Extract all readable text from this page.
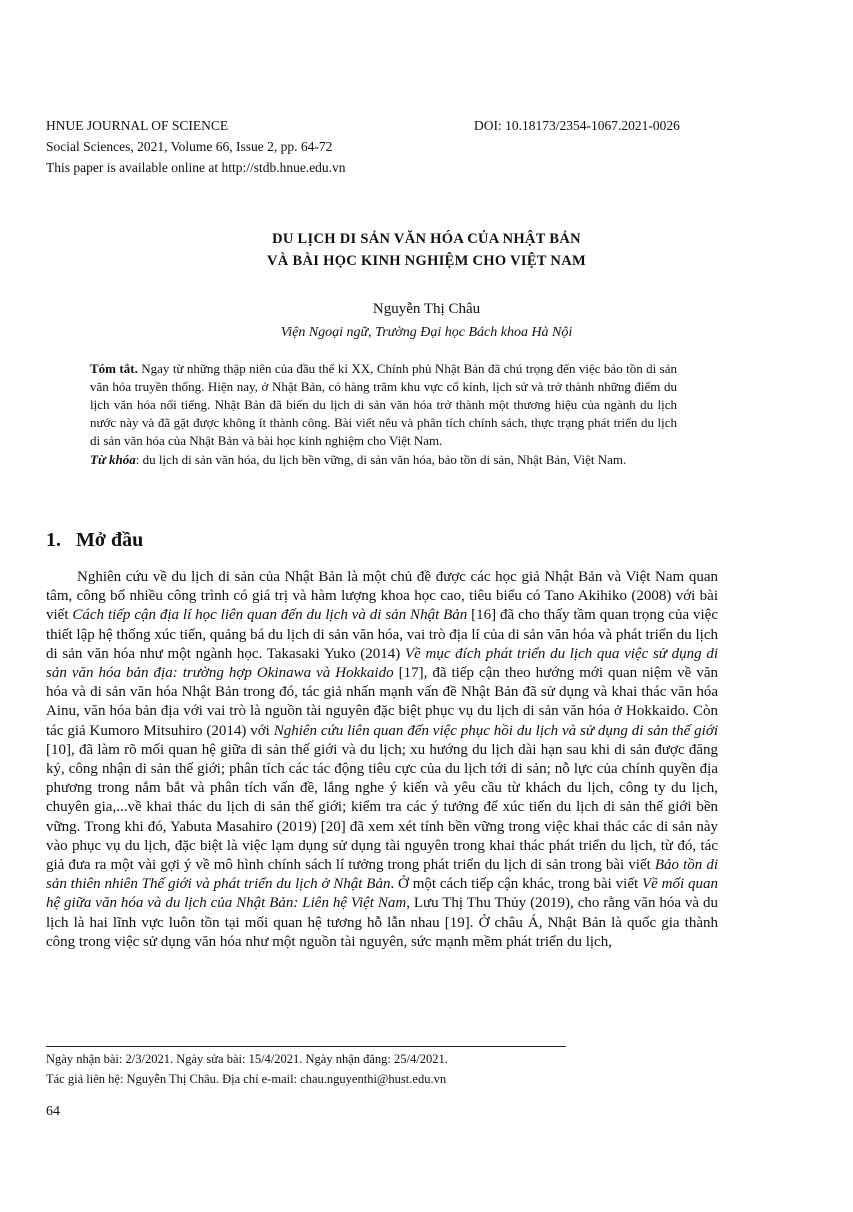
HNUE JOURNAL OF SCIENCE	DOI: 10.18173/2354-1067.2021-0026
Social Sciences, 2021, Volume 66, Issue 2, pp. 64-72
This paper is available online at http://stdb.hnue.edu.vn
DU LỊCH DI SẢN VĂN HÓA CỦA NHẬT BẢN
VÀ BÀI HỌC KINH NGHIỆM CHO VIỆT NAM
Nguyễn Thị Châu
Viện Ngoại ngữ, Trường Đại học Bách khoa Hà Nội

Tóm tắt. Ngay từ những thập niên của đầu thế kỉ XX, Chính phủ Nhật Bản đã chú trọng đến việc bảo tồn di sản văn hóa truyền thống. Hiện nay, ở Nhật Bản, có hàng trăm khu vực cổ kính, lịch sử và trở thành những điểm du lịch văn hóa nổi tiếng. Nhật Bản đã biến du lịch di sản văn hóa trở thành một thương hiệu của ngành du lịch nước này và đã gặt được không ít thành công. Bài viết nêu và phân tích chính sách, thực trạng phát triển du lịch di sản văn hóa của Nhật Bản và bài học kinh nghiệm cho Việt Nam.

Từ khóa: du lịch di sản văn hóa, du lịch bền vững, di sản văn hóa, bảo tồn di sản, Nhật Bản, Việt Nam.

1. Mở đầu

Nghiên cứu về du lịch di sản của Nhật Bản là một chủ đề được các học giả Nhật Bản và Việt Nam quan tâm, công bố nhiều công trình có giá trị và hàm lượng khoa học cao, tiêu biểu có Tano Akihiko (2008) với bài viết Cách tiếp cận địa lí học liên quan đến du lịch và di sản Nhật Bản [16] đã cho thấy tầm quan trọng của việc thiết lập hệ thống xúc tiến, quảng bá du lịch di sản văn hóa, vai trò địa lí của di sản văn hóa và phát triển du lịch di sản văn hóa như một ngành học. Takasaki Yuko (2014) Về mục đích phát triển du lịch qua việc sử dụng di sản văn hóa bản địa: trường hợp Okinawa và Hokkaido [17], đã tiếp cận theo hướng mới quan niệm về văn hóa và di sản văn hóa Nhật Bản trong đó, tác giả nhấn mạnh vấn đề Nhật Bản đã sử dụng và khai thác văn hóa Ainu, văn hóa bản địa với vai trò là nguồn tài nguyên đặc biệt phục vụ du lịch di sản văn hóa ở Hokkaido. Còn tác giả Kumoro Mitsuhiro (2014) với Nghiên cứu liên quan đến việc phục hồi du lịch và sử dụng di sản thế giới [10], đã làm rõ mối quan hệ giữa di sản thế giới và du lịch; xu hướng du lịch dài hạn sau khi di sản được đăng ký, công nhận di sản thế giới; phân tích các tác động tiêu cực của du lịch tới di sản; nỗ lực của chính quyền địa phương trong nắm bắt và phân tích vấn đề, lắng nghe ý kiến và yêu cầu từ khách du lịch, công ty du lịch, chuyên gia,...về khai thác du lịch di sản thế giới; kiểm tra các ý tưởng để xúc tiến du lịch di sản thế giới bền vững. Trong khi đó, Yabuta Masahiro (2019) [20] đã xem xét tính bền vững trong việc khai thác các di sản này vào phục vụ du lịch, đặc biệt là việc lạm dụng sử dụng tài nguyên trong khai thác phát triển du lịch, từ đó, tác giả đưa ra một vài gợi ý về mô hình chính sách lí tưởng trong phát triển du lịch di sản trong bài viết Bảo tồn di sản thiên nhiên Thế giới và phát triển du lịch ở Nhật Bản. Ở một cách tiếp cận khác, trong bài viết Về mối quan hệ giữa văn hóa và du lịch của Nhật Bản: Liên hệ Việt Nam, Lưu Thị Thu Thủy (2019), cho rằng văn hóa và du lịch là hai lĩnh vực luôn tồn tại mối quan hệ tương hỗ lẫn nhau [19]. Ở châu Á, Nhật Bản là quốc gia thành công trong việc sử dụng văn hóa như một nguồn tài nguyên, sức mạnh mềm phát triển du lịch,

Ngày nhận bài: 2/3/2021. Ngày sửa bài: 15/4/2021. Ngày nhận đăng: 25/4/2021.
Tác giả liên hệ: Nguyễn Thị Châu. Địa chỉ e-mail: chau.nguyenthi@hust.edu.vn
64
